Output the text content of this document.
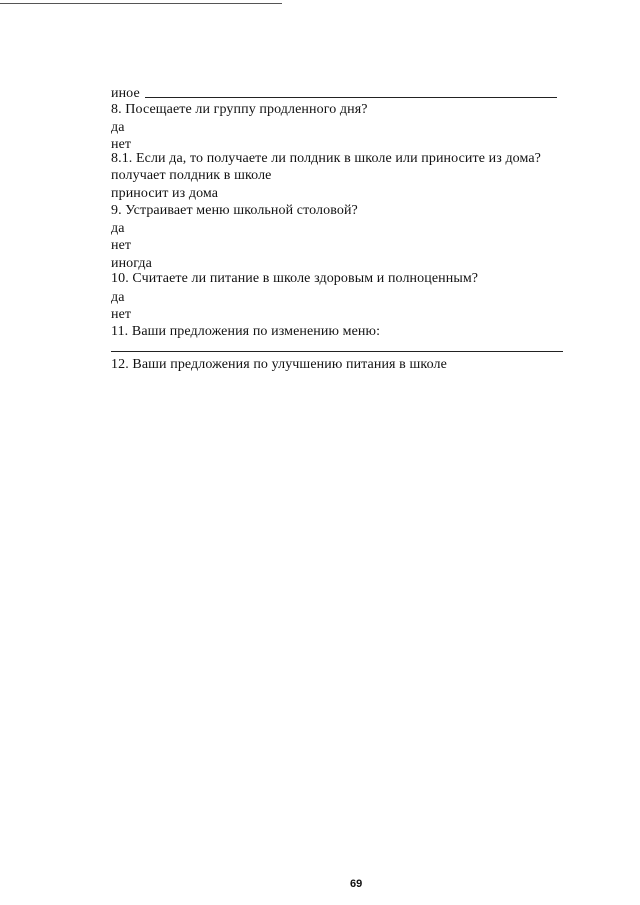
иное
8. Посещаете ли группу продленного дня?
да
нет
8.1. Если да, то получаете ли полдник в школе или приносите из дома?
получает полдник в школе
приносит из дома
9. Устраивает меню школьной столовой?
да
нет
иногда
10. Считаете ли питание в школе здоровым и полноценным?
да
нет
11. Ваши предложения по изменению меню:
12. Ваши предложения по улучшению питания в школе
69
